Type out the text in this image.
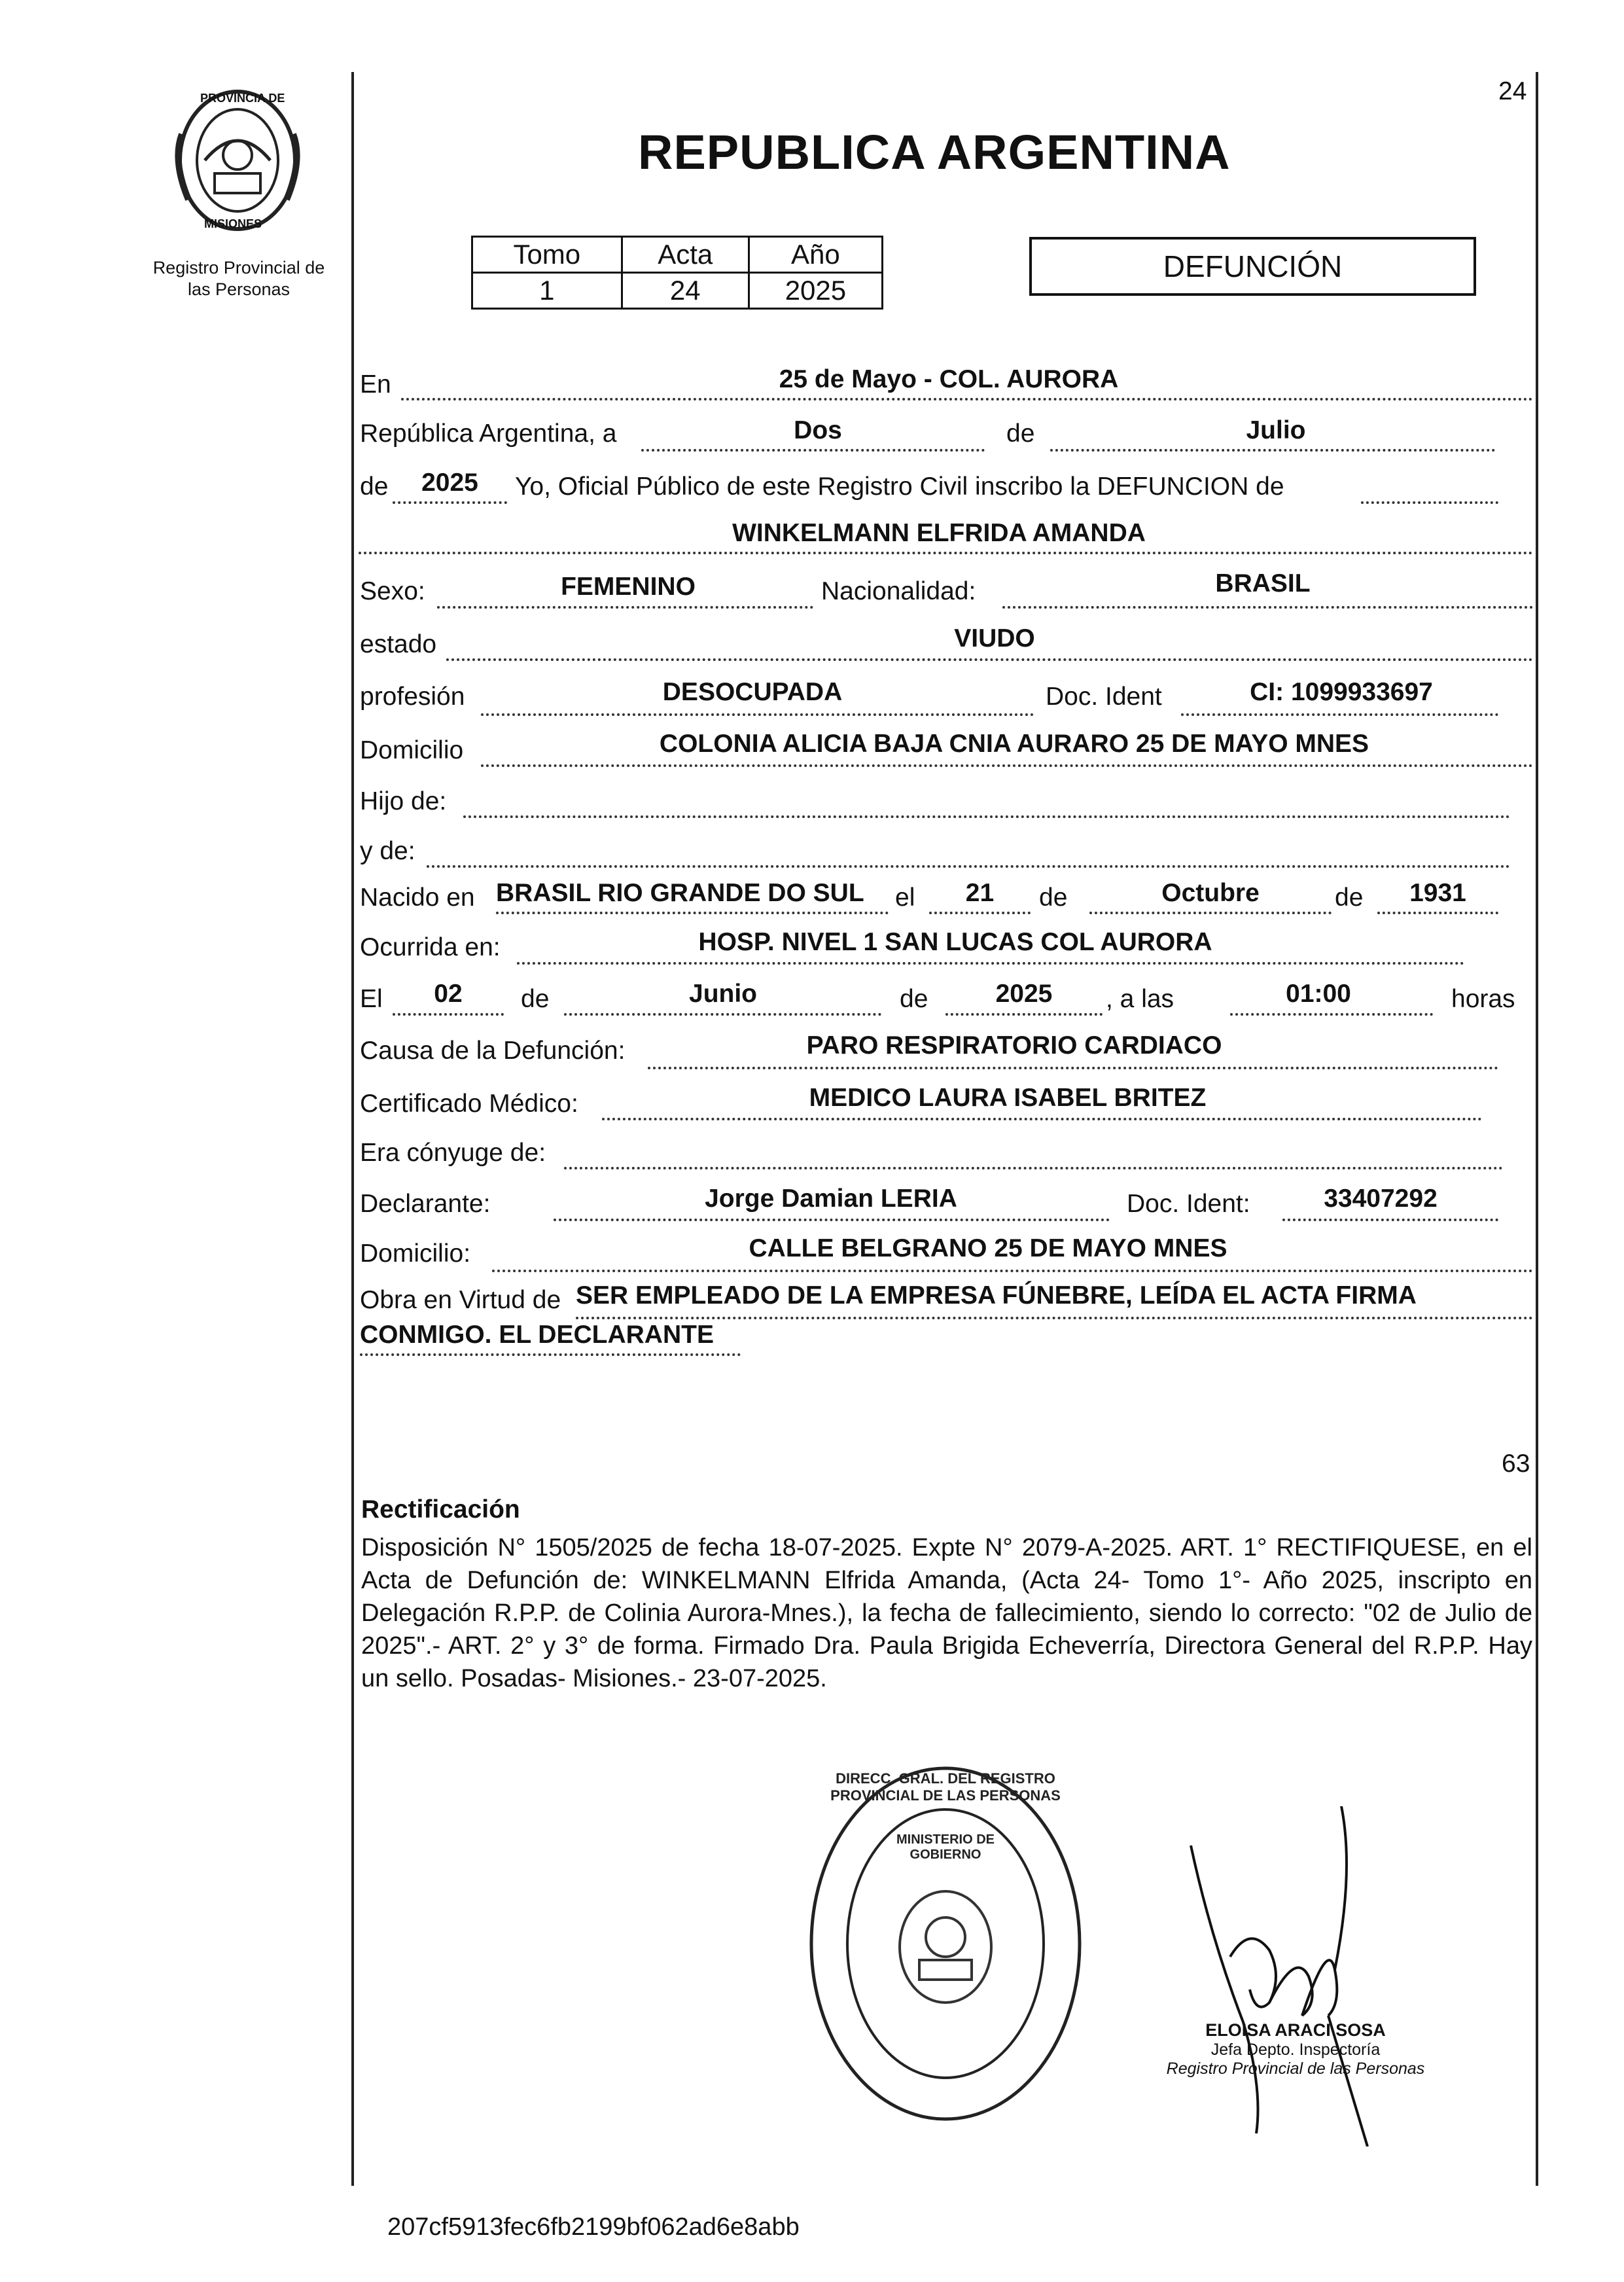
24
PROVINCIA DE
MISIONES
Registro Provincial de
las Personas
REPUBLICA ARGENTINA
Tomo	Acta	Año
1	24	2025
DEFUNCIÓN
En	25 de Mayo - COL. AURORA
República Argentina, a	Dos	de	Julio
de	2025	Yo, Oficial Público de este Registro Civil inscribo la DEFUNCION de
WINKELMANN ELFRIDA AMANDA
Sexo:	FEMENINO	Nacionalidad:	BRASIL
estado	VIUDO
profesión	DESOCUPADA	Doc. Ident	CI: 1099933697
Domicilio	COLONIA ALICIA BAJA CNIA AURARO 25 DE MAYO MNES
Hijo de:
y de:
Nacido en BRASIL RIO GRANDE DO SUL	el	21	de	Octubre	de	1931
Ocurrida en:	HOSP. NIVEL 1 SAN LUCAS COL AURORA
El	02	de	Junio	de	2025	, a las	01:00	horas
Causa de la Defunción:	PARO RESPIRATORIO CARDIACO
Certificado Médico:	MEDICO LAURA ISABEL BRITEZ
Era cónyuge de:
Declarante:	Jorge Damian LERIA	Doc. Ident:	33407292
Domicilio:	CALLE BELGRANO 25 DE MAYO MNES
Obra en Virtud de SER EMPLEADO DE LA EMPRESA FÚNEBRE, LEÍDA EL ACTA FIRMA
CONMIGO. EL DECLARANTE
63
Rectificación
Disposición N° 1505/2025 de fecha 18-07-2025. Expte N° 2079-A-2025. ART. 1° RECTIFIQUESE, en el Acta de Defunción de: WINKELMANN Elfrida Amanda, (Acta 24- Tomo 1°- Año 2025, inscripto en Delegación R.P.P. de Colinia Aurora-Mnes.), la fecha de fallecimiento, siendo lo correcto: "02 de Julio de 2025".- ART. 2° y 3° de forma. Firmado Dra. Paula Brigida Echeverría, Directora General del R.P.P. Hay un sello. Posadas- Misiones.- 23-07-2025.
DIRECC. GRAL. DEL REGISTRO PROVINCIAL DE LAS PERSONAS
MINISTERIO DE GOBIERNO
ELOISA ARACI SOSA
Jefa Depto. Inspectoría
Registro Provincial de las Personas
207cf5913fec6fb2199bf062ad6e8abb
